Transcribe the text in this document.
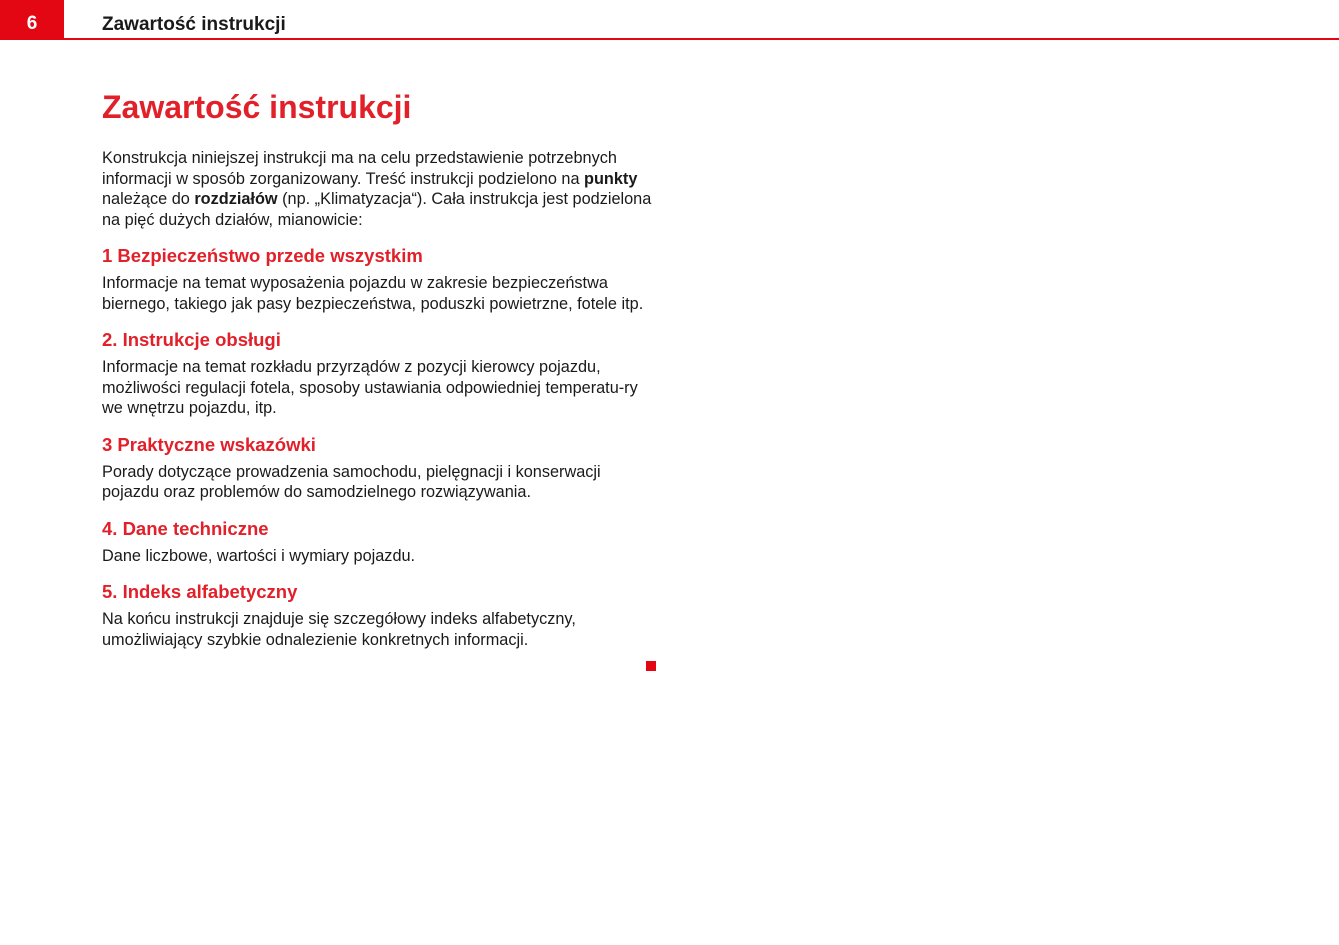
6	Zawartość instrukcji
Zawartość instrukcji

Konstrukcja niniejszej instrukcji ma na celu przedstawienie potrzebnych informacji w sposób zorganizowany. Treść instrukcji podzielono na punkty należące do rozdziałów (np. „Klimatyzacja“). Cała instrukcja jest podzielona na pięć dużych działów, mianowicie:

1 Bezpieczeństwo przede wszystkim

Informacje na temat wyposażenia pojazdu w zakresie bezpieczeństwa biernego, takiego jak pasy bezpieczeństwa, poduszki powietrzne, fotele itp.

2. Instrukcje obsługi

Informacje na temat rozkładu przyrządów z pozycji kierowcy pojazdu, możliwości regulacji fotela, sposoby ustawiania odpowiedniej temperatu-ry we wnętrzu pojazdu, itp.

3 Praktyczne wskazówki

Porady dotyczące prowadzenia samochodu, pielęgnacji i konserwacji pojazdu oraz problemów do samodzielnego rozwiązywania.

4. Dane techniczne

Dane liczbowe, wartości i wymiary pojazdu.

5. Indeks alfabetyczny

Na końcu instrukcji znajduje się szczegółowy indeks alfabetyczny, umożliwiający szybkie odnalezienie konkretnych informacji.
